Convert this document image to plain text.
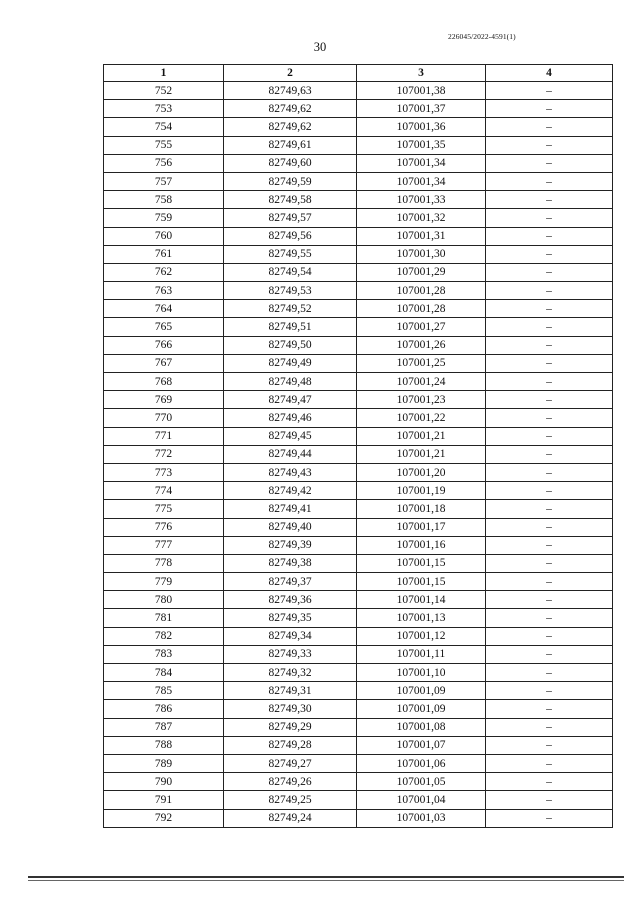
226045/2022-4591(1)
30
1	2	3	4
752	82749,63	107001,38	–
753	82749,62	107001,37	–
754	82749,62	107001,36	–
755	82749,61	107001,35	–
756	82749,60	107001,34	–
757	82749,59	107001,34	–
758	82749,58	107001,33	–
759	82749,57	107001,32	–
760	82749,56	107001,31	–
761	82749,55	107001,30	–
762	82749,54	107001,29	–
763	82749,53	107001,28	–
764	82749,52	107001,28	–
765	82749,51	107001,27	–
766	82749,50	107001,26	–
767	82749,49	107001,25	–
768	82749,48	107001,24	–
769	82749,47	107001,23	–
770	82749,46	107001,22	–
771	82749,45	107001,21	–
772	82749,44	107001,21	–
773	82749,43	107001,20	–
774	82749,42	107001,19	–
775	82749,41	107001,18	–
776	82749,40	107001,17	–
777	82749,39	107001,16	–
778	82749,38	107001,15	–
779	82749,37	107001,15	–
780	82749,36	107001,14	–
781	82749,35	107001,13	–
782	82749,34	107001,12	–
783	82749,33	107001,11	–
784	82749,32	107001,10	–
785	82749,31	107001,09	–
786	82749,30	107001,09	–
787	82749,29	107001,08	–
788	82749,28	107001,07	–
789	82749,27	107001,06	–
790	82749,26	107001,05	–
791	82749,25	107001,04	–
792	82749,24	107001,03	–
